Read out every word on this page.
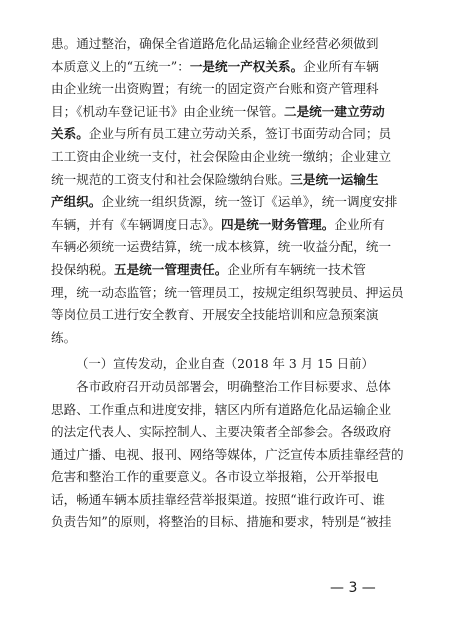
患。通过整治，确保全省道路危化品运输企业经营必须做到
本质意义上的“五统一”：一是统一产权关系。企业所有车辆
由企业统一出资购置；有统一的固定资产台账和资产管理科
目；《机动车登记证书》由企业统一保管。二是统一建立劳动
关系。企业与所有员工建立劳动关系，签订书面劳动合同；员
工工资由企业统一支付，社会保险由企业统一缴纳；企业建立
统一规范的工资支付和社会保险缴纳台账。三是统一运输生
产组织。企业统一组织货源，统一签订《运单》，统一调度安排
车辆，并有《车辆调度日志》。四是统一财务管理。企业所有
车辆必须统一运费结算，统一成本核算，统一收益分配，统一
投保纳税。五是统一管理责任。企业所有车辆统一技术管
理，统一动态监管；统一管理员工，按规定组织驾驶员、押运员
等岗位员工进行安全教育、开展安全技能培训和应急预案演
练。
（一）宣传发动，企业自查（2018 年 3 月 15 日前）
各市政府召开动员部署会，明确整治工作目标要求、总体
思路、工作重点和进度安排，辖区内所有道路危化品运输企业
的法定代表人、实际控制人、主要决策者全部参会。各级政府
通过广播、电视、报刊、网络等媒体，广泛宣传本质挂靠经营的
危害和整治工作的重要意义。各市设立举报箱，公开举报电
话，畅通车辆本质挂靠经营举报渠道。按照“谁行政许可、谁
负责告知”的原则，将整治的目标、措施和要求，特别是“被挂
— 3 —
